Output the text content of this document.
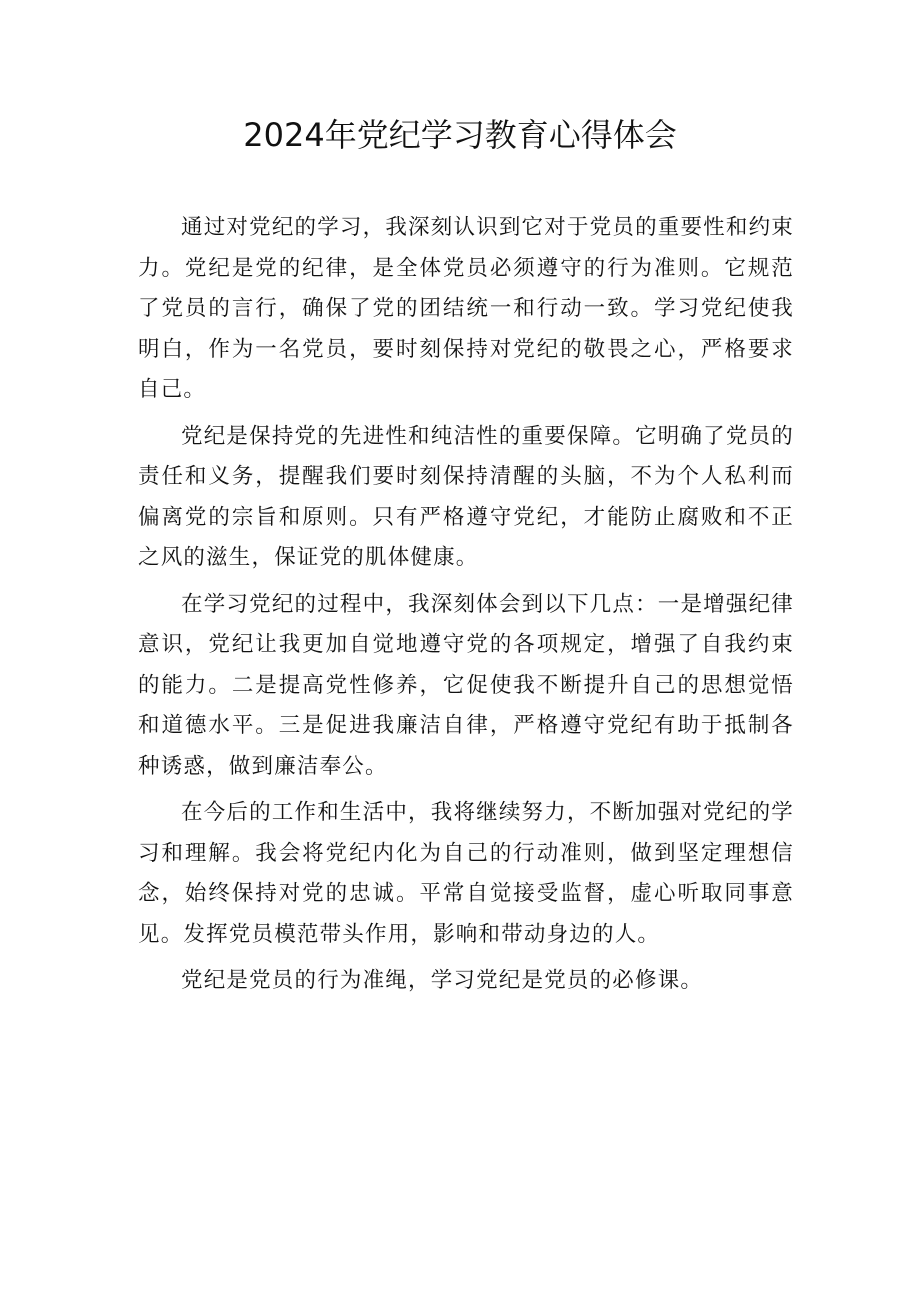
2024年党纪学习教育心得体会

通过对党纪的学习，我深刻认识到它对于党员的重要性和约束力。党纪是党的纪律，是全体党员必须遵守的行为准则。它规范了党员的言行，确保了党的团结统一和行动一致。学习党纪使我明白，作为一名党员，要时刻保持对党纪的敬畏之心，严格要求自己。

党纪是保持党的先进性和纯洁性的重要保障。它明确了党员的责任和义务，提醒我们要时刻保持清醒的头脑，不为个人私利而偏离党的宗旨和原则。只有严格遵守党纪，才能防止腐败和不正之风的滋生，保证党的肌体健康。

在学习党纪的过程中，我深刻体会到以下几点：一是增强纪律意识，党纪让我更加自觉地遵守党的各项规定，增强了自我约束的能力。二是提高党性修养，它促使我不断提升自己的思想觉悟和道德水平。三是促进我廉洁自律，严格遵守党纪有助于抵制各种诱惑，做到廉洁奉公。

在今后的工作和生活中，我将继续努力，不断加强对党纪的学习和理解。我会将党纪内化为自己的行动准则，做到坚定理想信念，始终保持对党的忠诚。平常自觉接受监督，虚心听取同事意见。发挥党员模范带头作用，影响和带动身边的人。

党纪是党员的行为准绳，学习党纪是党员的必修课。
